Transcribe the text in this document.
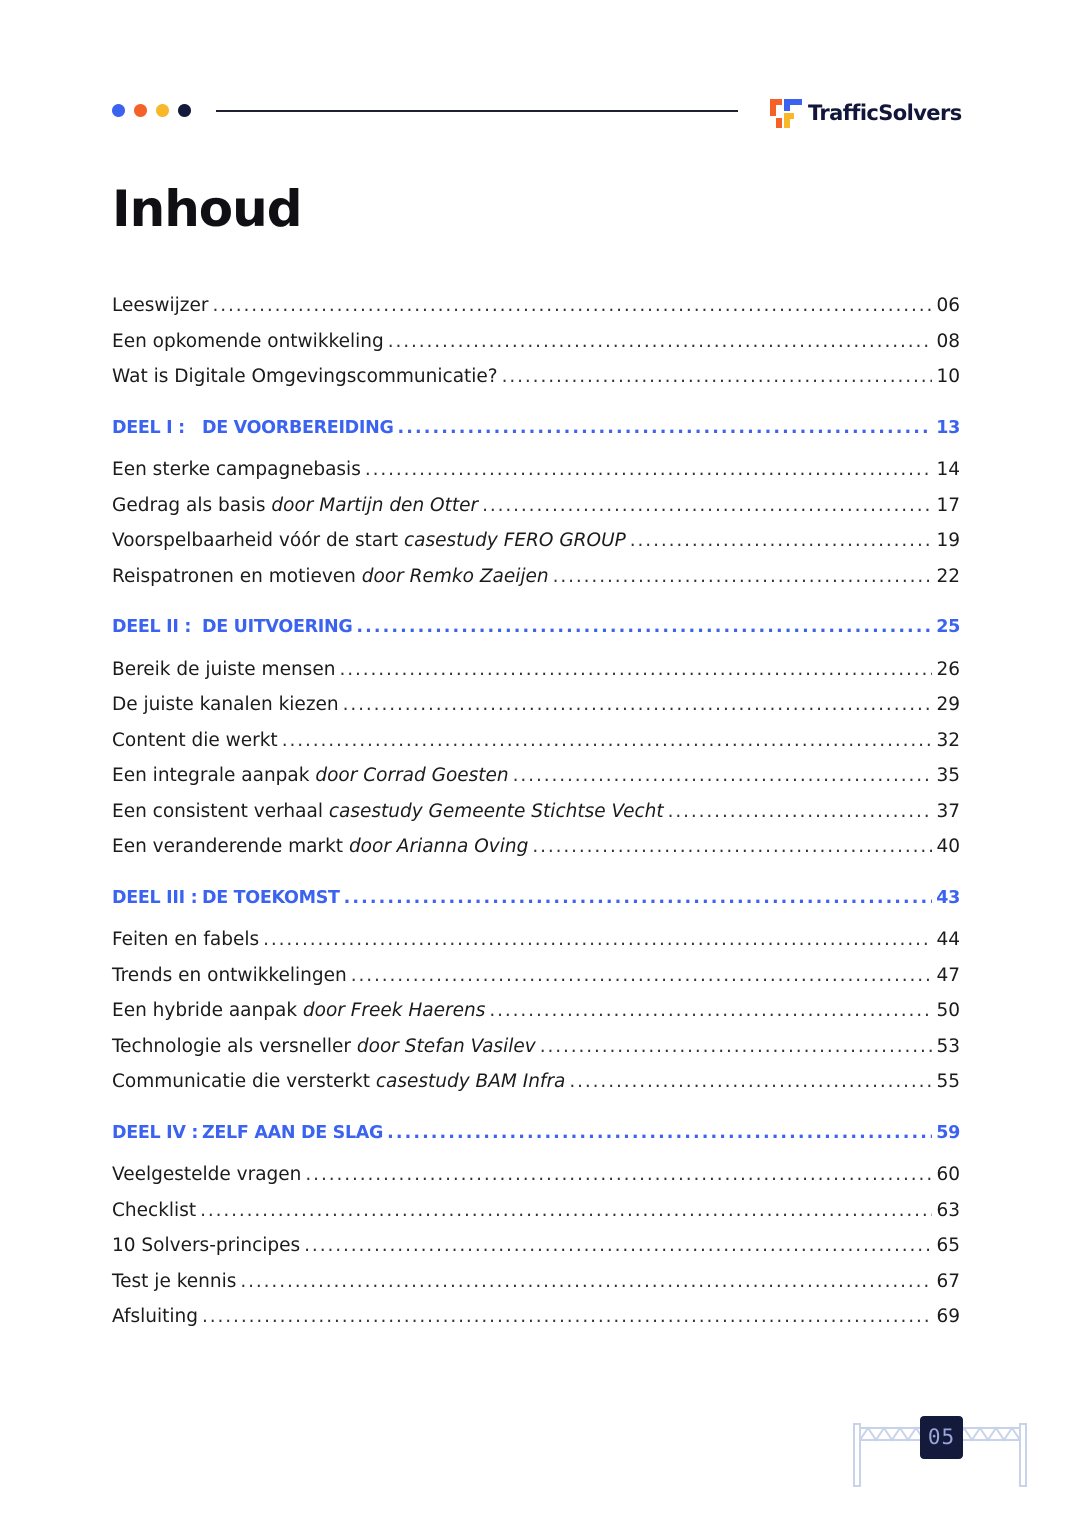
TrafficSolvers
Inhoud
Leeswijzer . . .	06
Een opkomende ontwikkeling . . .	08
Wat is Digitale Omgevingscommunicatie? . . .	10
DEEL I : DE VOORBEREIDING . . .	13
Een sterke campagnebasis . . .	14
Gedrag als basis door Martijn den Otter . . .	17
Voorspelbaarheid vóór de start casestudy FERO GROUP . . .	19
Reispatronen en motieven door Remko Zaeijen . . .	22
DEEL II : DE UITVOERING . . .	25
Bereik de juiste mensen . . .	26
De juiste kanalen kiezen . . .	29
Content die werkt . . .	32
Een integrale aanpak door Corrad Goesten . . .	35
Een consistent verhaal casestudy Gemeente Stichtse Vecht . . .	37
Een veranderende markt door Arianna Oving . . .	40
DEEL III : DE TOEKOMST . . .	43
Feiten en fabels . . .	44
Trends en ontwikkelingen . . .	47
Een hybride aanpak door Freek Haerens . . .	50
Technologie als versneller door Stefan Vasilev . . .	53
Communicatie die versterkt casestudy BAM Infra . . .	55
DEEL IV : ZELF AAN DE SLAG . . .	59
Veelgestelde vragen . . .	60
Checklist . . .	63
10 Solvers-principes . . .	65
Test je kennis . . .	67
Afsluiting . . .	69
05
